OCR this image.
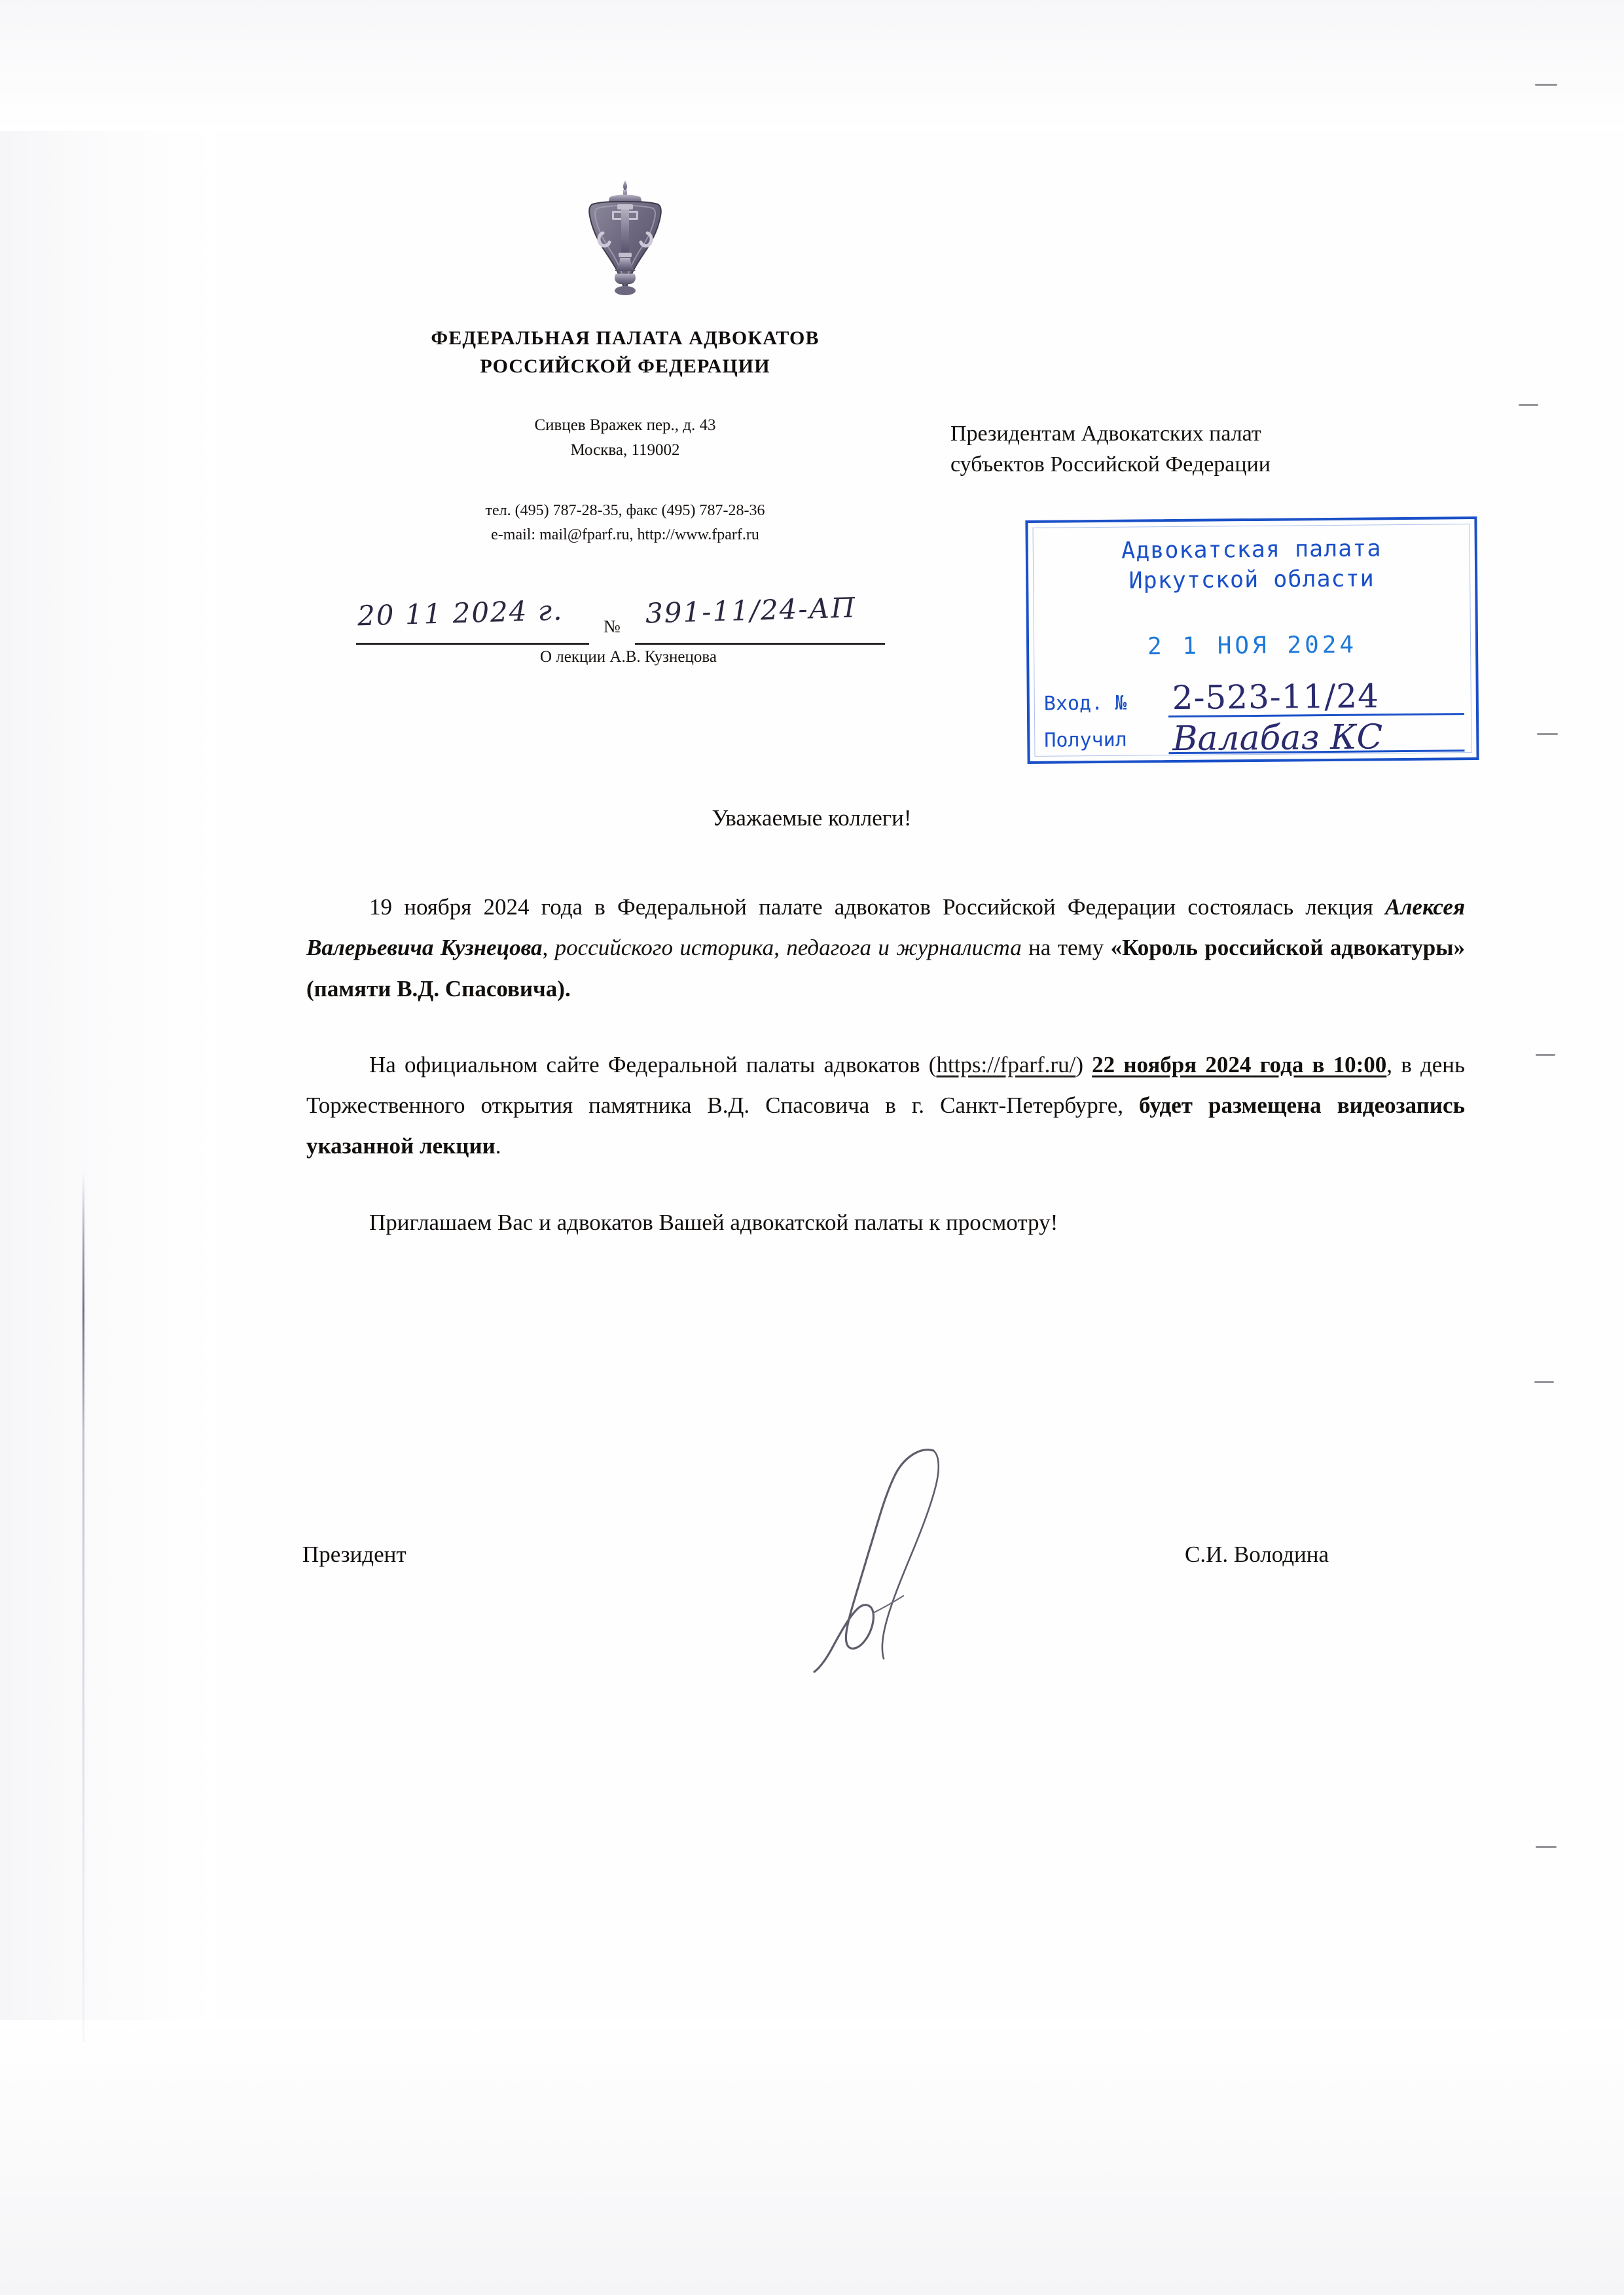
ФЕДЕРАЛЬНАЯ ПАЛАТА АДВОКАТОВ
РОССИЙСКОЙ ФЕДЕРАЦИИ
Сивцев Вражек пер., д. 43
Москва, 119002
тел. (495) 787-28-35, факс (495) 787-28-36
e-mail: mail@fparf.ru, http://www.fparf.ru
20 11 2024 г. № 391-11/24-АП
О лекции А.В. Кузнецова
Президентам Адвокатских палат
субъектов Российской Федерации
Адвокатская палата
Иркутской области
2 1 НОЯ 2024
Вход. № 2-523-11/24
Получил Валабаз КС
Уважаемые коллеги!

19 ноября 2024 года в Федеральной палате адвокатов Российской Федерации состоялась лекция Алексея Валерьевича Кузнецова, российского историка, педагога и журналиста на тему «Король российской адвокатуры» (памяти В.Д. Спасовича).

На официальном сайте Федеральной палаты адвокатов (https://fparf.ru/) 22 ноября 2024 года в 10:00, в день Торжественного открытия памятника В.Д. Спасовича в г. Санкт-Петербурге, будет размещена видеозапись указанной лекции.

Приглашаем Вас и адвокатов Вашей адвокатской палаты к просмотру!

Президент	С.И. Володина
